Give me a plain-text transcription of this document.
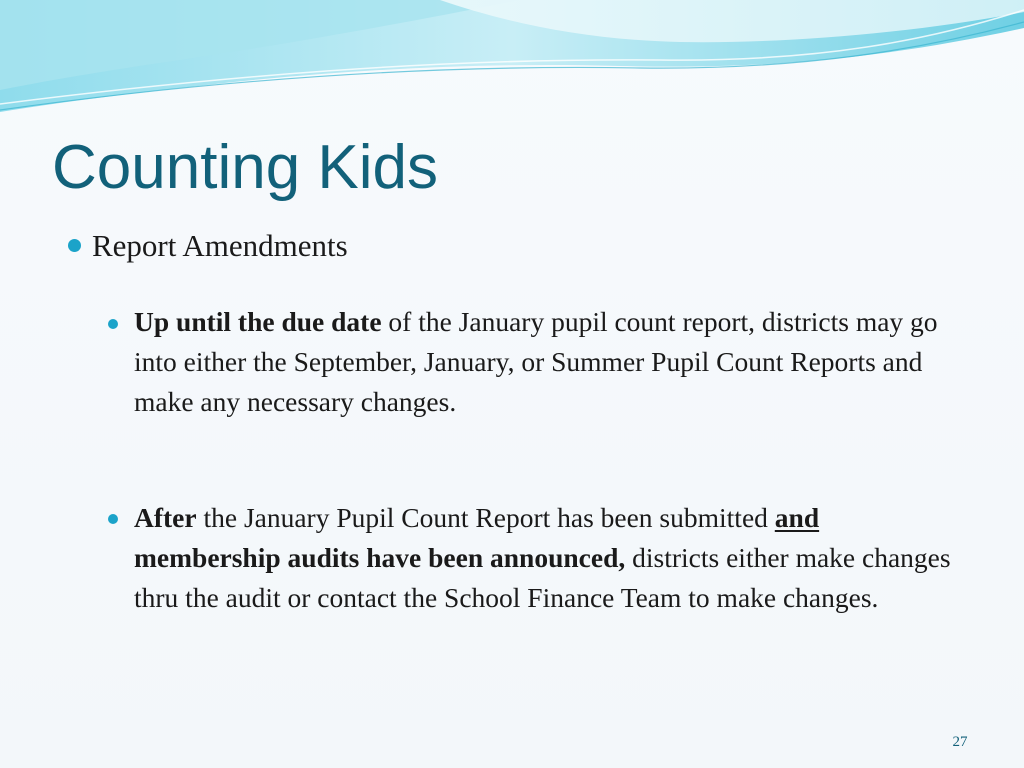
Counting Kids
Report Amendments
Up until the due date of the January pupil count report, districts may go into either the September, January, or Summer Pupil Count Reports and make any necessary changes.
After the January Pupil Count Report has been submitted and membership audits have been announced, districts either make changes thru the audit or contact the School Finance Team to make changes.
27
